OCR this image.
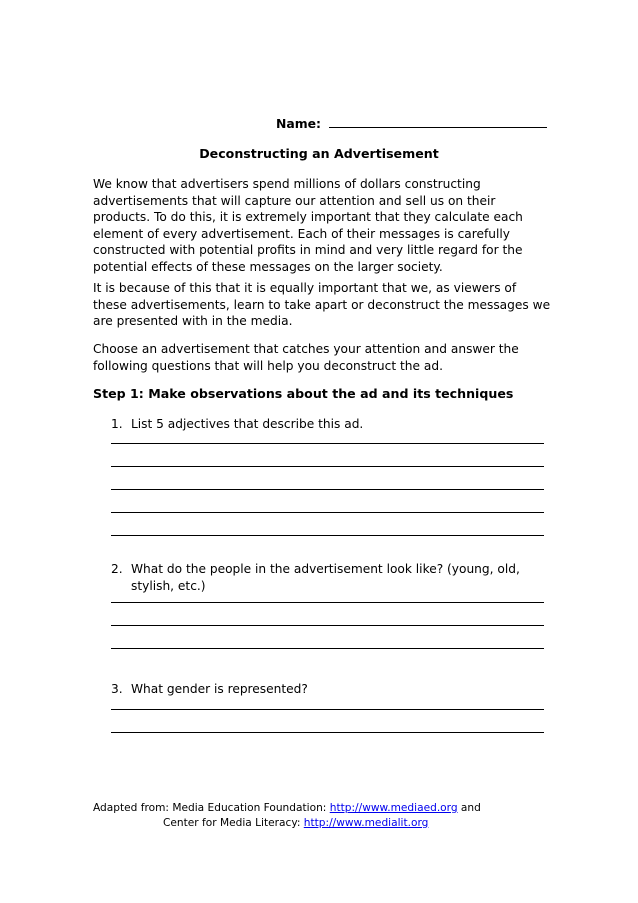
Name:
Deconstructing an Advertisement

We know that advertisers spend millions of dollars constructing advertisements that will capture our attention and sell us on their products. To do this, it is extremely important that they calculate each element of every advertisement. Each of their messages is carefully constructed with potential profits in mind and very little regard for the potential effects of these messages on the larger society.

It is because of this that it is equally important that we, as viewers of these advertisements, learn to take apart or deconstruct the messages we are presented with in the media.

Choose an advertisement that catches your attention and answer the following questions that will help you deconstruct the ad.

Step 1: Make observations about the ad and its techniques
1. List 5 adjectives that describe this ad.
2. What do the people in the advertisement look like? (young, old, stylish, etc.)
3. What gender is represented?
Adapted from: Media Education Foundation: http://www.mediaed.org and
Center for Media Literacy: http://www.medialit.org
